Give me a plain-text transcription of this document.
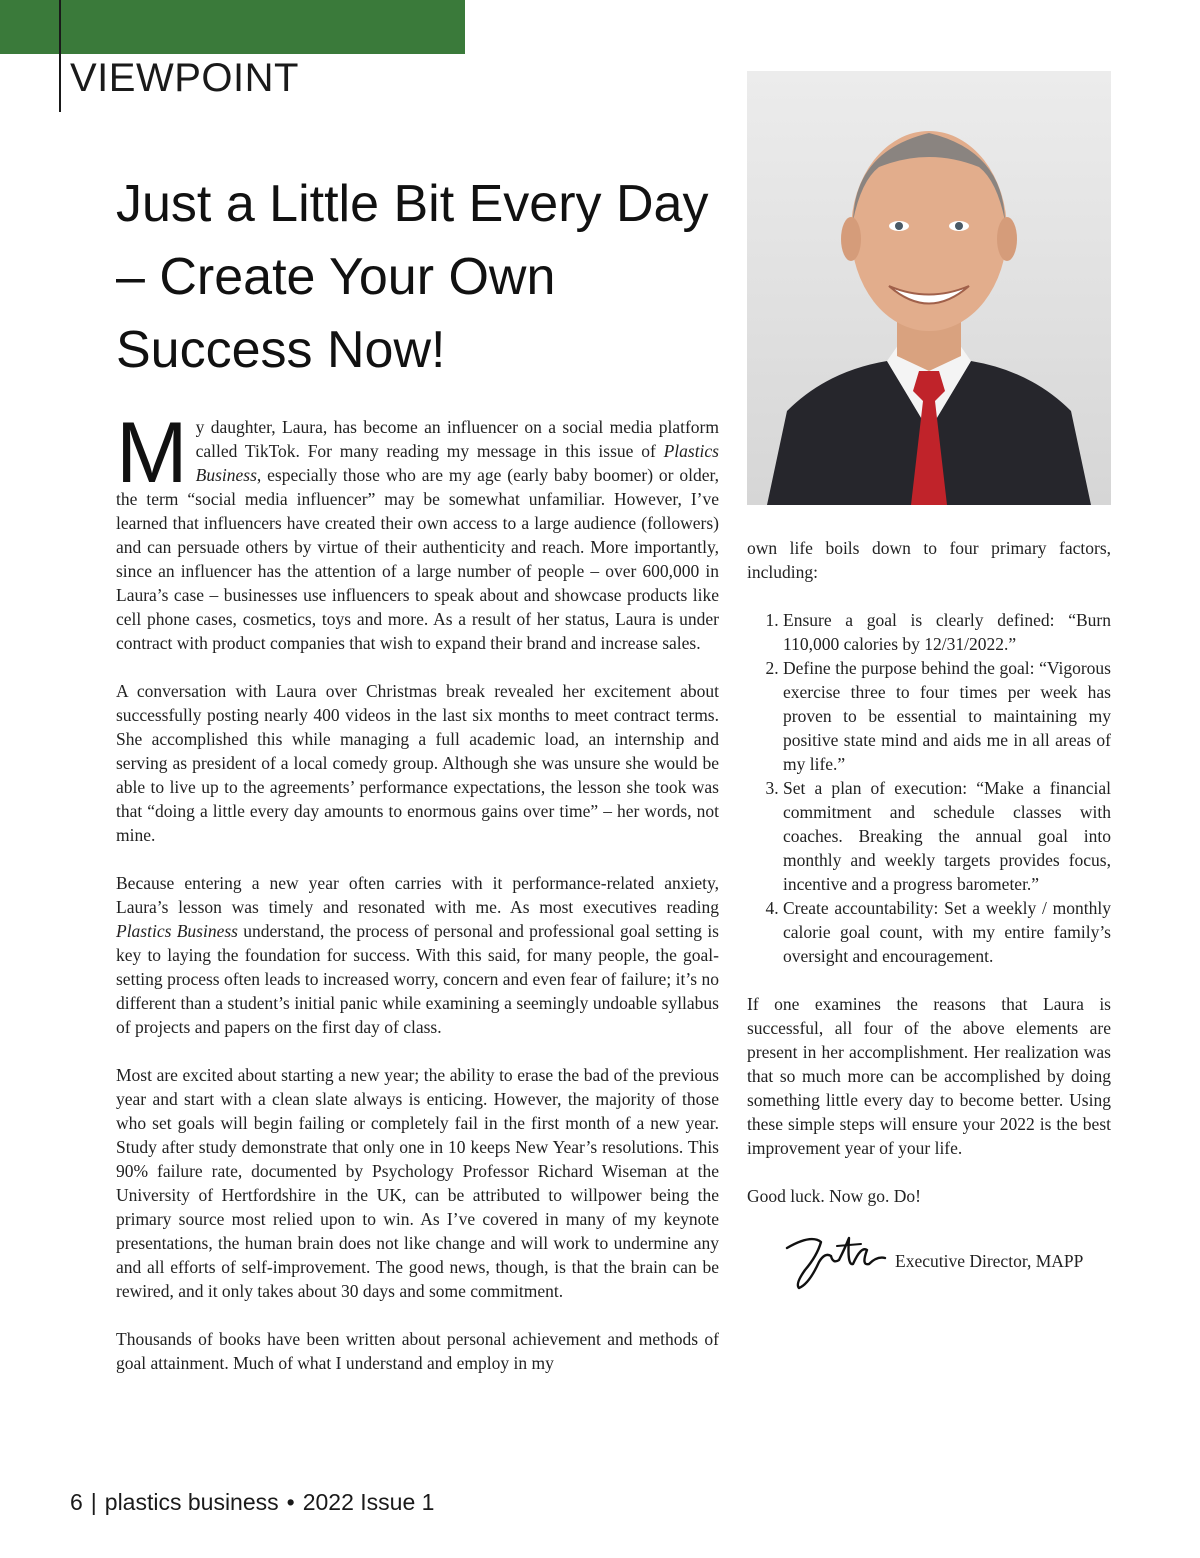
VIEWPOINT
Just a Little Bit Every Day – Create Your Own Success Now!

My daughter, Laura, has become an influencer on a social media platform called TikTok. For many reading my message in this issue of Plastics Business, especially those who are my age (early baby boomer) or older, the term “social media influencer” may be somewhat unfamiliar. However, I’ve learned that influencers have created their own access to a large audience (followers) and can persuade others by virtue of their authenticity and reach. More importantly, since an influencer has the attention of a large number of people – over 600,000 in Laura’s case – businesses use influencers to speak about and showcase products like cell phone cases, cosmetics, toys and more. As a result of her status, Laura is under contract with product companies that wish to expand their brand and increase sales.

A conversation with Laura over Christmas break revealed her excitement about successfully posting nearly 400 videos in the last six months to meet contract terms. She accomplished this while managing a full academic load, an internship and serving as president of a local comedy group. Although she was unsure she would be able to live up to the agreements’ performance expectations, the lesson she took was that “doing a little every day amounts to enormous gains over time” – her words, not mine.

Because entering a new year often carries with it performance-related anxiety, Laura’s lesson was timely and resonated with me. As most executives reading Plastics Business understand, the process of personal and professional goal setting is key to laying the foundation for success. With this said, for many people, the goal-setting process often leads to increased worry, concern and even fear of failure; it’s no different than a student’s initial panic while examining a seemingly undoable syllabus of projects and papers on the first day of class.

Most are excited about starting a new year; the ability to erase the bad of the previous year and start with a clean slate always is enticing. However, the majority of those who set goals will begin failing or completely fail in the first month of a new year. Study after study demonstrate that only one in 10 keeps New Year’s resolutions. This 90% failure rate, documented by Psychology Professor Richard Wiseman at the University of Hertfordshire in the UK, can be attributed to willpower being the primary source most relied upon to win. As I’ve covered in many of my keynote presentations, the human brain does not like change and will work to undermine any and all efforts of self-improvement. The good news, though, is that the brain can be rewired, and it only takes about 30 days and some commitment.

Thousands of books have been written about personal achievement and methods of goal attainment. Much of what I understand and employ in my

own life boils down to four primary factors, including:

1. Ensure a goal is clearly defined: “Burn 110,000 calories by 12/31/2022.”
2. Define the purpose behind the goal: “Vigorous exercise three to four times per week has proven to be essential to maintaining my positive state mind and aids me in all areas of my life.”
3. Set a plan of execution: “Make a financial commitment and schedule classes with coaches. Breaking the annual goal into monthly and weekly targets provides focus, incentive and a progress barometer.”
4. Create accountability: Set a weekly / monthly calorie goal count, with my entire family’s oversight and encouragement.

If one examines the reasons that Laura is successful, all four of the above elements are present in her accomplishment. Her realization was that so much more can be accomplished by doing something little every day to become better. Using these simple steps will ensure your 2022 is the best improvement year of your life.

Good luck. Now go. Do!

Executive Director, MAPP
6 | plastics business • 2022 Issue 1
